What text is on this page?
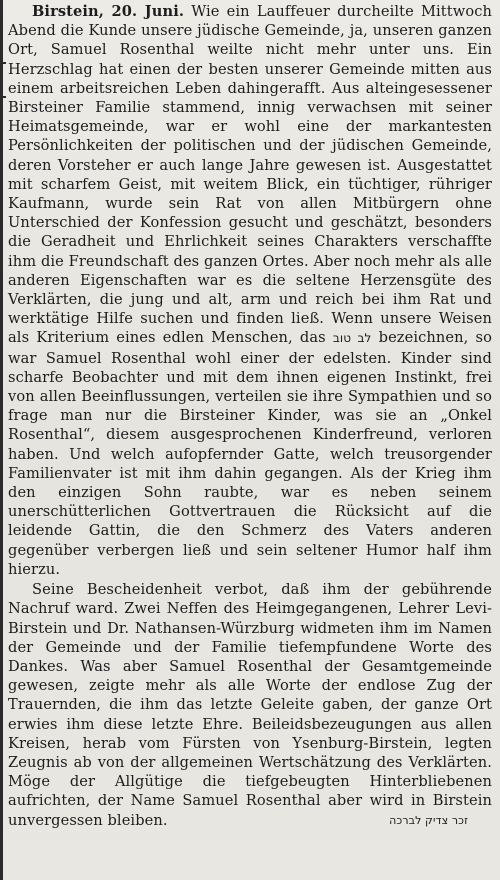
Birstein, 20. Juni. Wie ein Lauffeuer durcheilte Mittwoch Abend die Kunde unsere jüdische Gemeinde, ja, unseren ganzen Ort, Samuel Rosenthal weilte nicht mehr unter uns. Ein Herzschlag hat einen der besten unserer Gemeinde mitten aus einem arbeitsreichen Leben dahingerafft. Aus alteingesessener Birsteiner Familie stammend, innig verwachsen mit seiner Heimatsgemeinde, war er wohl eine der markantesten Persönlichkeiten der politischen und der jüdischen Gemeinde, deren Vorsteher er auch lange Jahre gewesen ist. Ausgestattet mit scharfem Geist, mit weitem Blick, ein tüchtiger, rühriger Kaufmann, wurde sein Rat von allen Mitbürgern ohne Unterschied der Konfession gesucht und geschätzt, besonders die Geradheit und Ehrlichkeit seines Charakters verschaffte ihm die Freundschaft des ganzen Ortes. Aber noch mehr als alle anderen Eigenschaften war es die seltene Herzensgüte des Verklärten, die jung und alt, arm und reich bei ihm Rat und werktätige Hilfe suchen und finden ließ. Wenn unsere Weisen als Kriterium eines edlen Menschen, das לב טוב bezeichnen, so war Samuel Rosenthal wohl einer der edelsten. Kinder sind scharfe Beobachter und mit dem ihnen eigenen Instinkt, frei von allen Beeinflussungen, verteilen sie ihre Sympathien und so frage man nur die Birsteiner Kinder, was sie an „Onkel Rosenthal“, diesem ausgesprochenen Kinderfreund, verloren haben. Und welch aufopfernder Gatte, welch treusorgender Familienvater ist mit ihm dahin gegangen. Als der Krieg ihm den einzigen Sohn raubte, war es neben seinem unerschütterlichen Gottvertrauen die Rücksicht auf die leidende Gattin, die den Schmerz des Vaters anderen gegenüber verbergen ließ und sein seltener Humor half ihm hierzu.

Seine Bescheidenheit verbot, daß ihm der gebührende Nachruf ward. Zwei Neffen des Heimgegangenen, Lehrer Levi-Birstein und Dr. Nathansen-Würzburg widmeten ihm im Namen der Gemeinde und der Familie tiefempfundene Worte des Dankes. Was aber Samuel Rosenthal der Gesamtgemeinde gewesen, zeigte mehr als alle Worte der endlose Zug der Trauernden, die ihm das letzte Geleite gaben, der ganze Ort erwies ihm diese letzte Ehre. Beileidsbezeugungen aus allen Kreisen, herab vom Fürsten von Ysenburg-Birstein, legten Zeugnis ab von der allgemeinen Wertschätzung des Verklärten. Möge der Allgütige die tiefgebeugten Hinterbliebenen aufrichten, der Name Samuel Rosenthal aber wird in Birstein unvergessen bleiben.	זכר צדיק לברכה
